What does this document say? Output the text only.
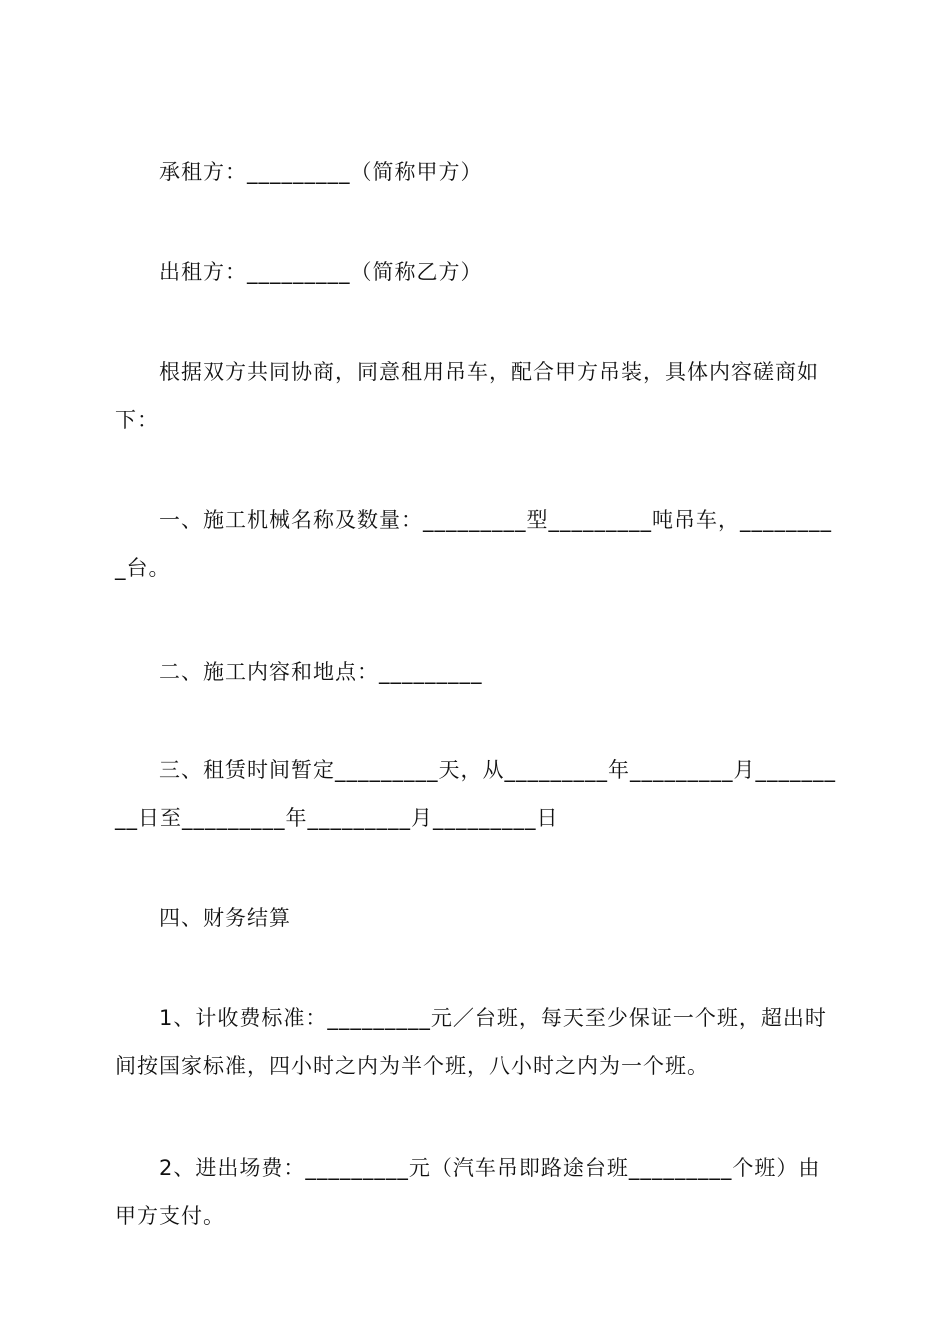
承租方：_________（简称甲方）

出租方：_________（简称乙方）

根据双方共同协商，同意租用吊车，配合甲方吊装，具体内容磋商如下：

一、施工机械名称及数量：_________型_________吨吊车，_________台。

二、施工内容和地点：_________

三、租赁时间暂定_________天，从_________年_________月_________日至_________年_________月_________日

四、财务结算

1、计收费标准：_________元／台班，每天至少保证一个班，超出时间按国家标准，四小时之内为半个班，八小时之内为一个班。

2、进出场费：_________元（汽车吊即路途台班_________个班）由甲方支付。
